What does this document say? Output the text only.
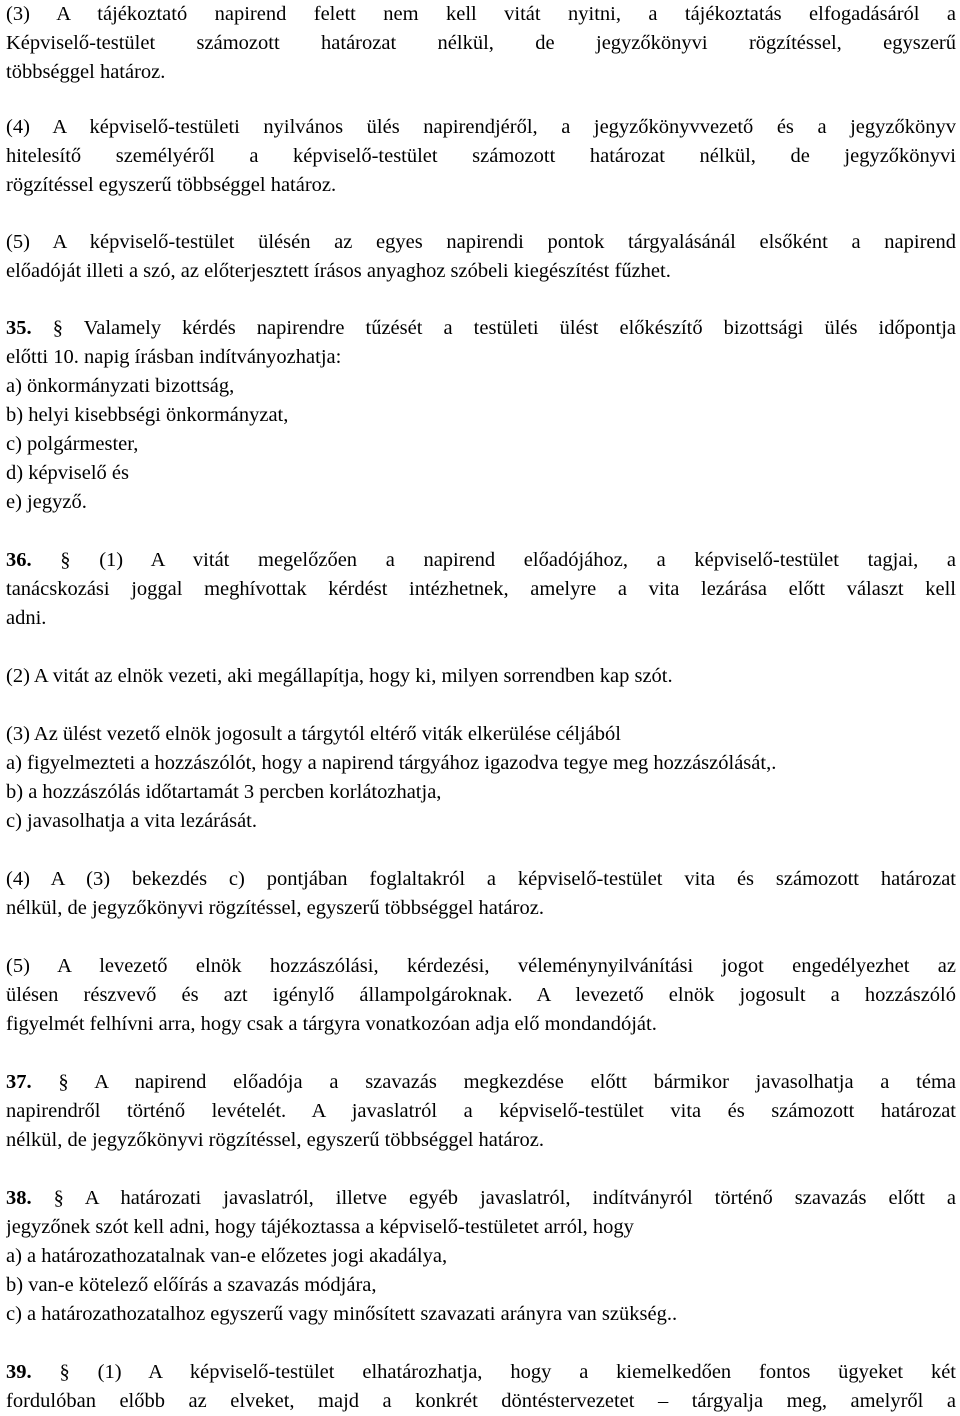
(3) A tájékoztató napirend felett nem kell vitát nyitni, a tájékoztatás elfogadásáról a
Képviselő-testület számozott határozat nélkül, de jegyzőkönyvi rögzítéssel, egyszerű
többséggel határoz.
(4) A képviselő-testületi nyilvános ülés napirendjéről, a jegyzőkönyvvezető és a jegyzőkönyv
hitelesítő személyéről a képviselő-testület számozott határozat nélkül, de jegyzőkönyvi
rögzítéssel egyszerű többséggel határoz.
(5) A képviselő-testület ülésén az egyes napirendi pontok tárgyalásánál elsőként a napirend
előadóját illeti a szó, az előterjesztett írásos anyaghoz szóbeli kiegészítést fűzhet.
35. § Valamely kérdés napirendre tűzését a testületi ülést előkészítő bizottsági ülés időpontja
előtti 10. napig írásban indítványozhatja:
a) önkormányzati bizottság,
b) helyi kisebbségi önkormányzat,
c) polgármester,
d) képviselő és
e) jegyző.
36. § (1) A vitát megelőzően a napirend előadójához, a képviselő-testület tagjai, a
tanácskozási joggal meghívottak kérdést intézhetnek, amelyre a vita lezárása előtt választ kell
adni.
(2) A vitát az elnök vezeti, aki megállapítja, hogy ki, milyen sorrendben kap szót.
(3) Az ülést vezető elnök jogosult a tárgytól eltérő viták elkerülése céljából
a) figyelmezteti a hozzászólót, hogy a napirend tárgyához igazodva tegye meg hozzászólását,.
b) a hozzászólás időtartamát 3 percben korlátozhatja,
c) javasolhatja a vita lezárását.
(4) A (3) bekezdés c) pontjában foglaltakról a képviselő-testület vita és számozott határozat
nélkül, de jegyzőkönyvi rögzítéssel, egyszerű többséggel határoz.
(5) A levezető elnök hozzászólási, kérdezési, véleménynyilvánítási jogot engedélyezhet az
ülésen részvevő és azt igénylő állampolgároknak. A levezető elnök jogosult a hozzászóló
figyelmét felhívni arra, hogy csak a tárgyra vonatkozóan adja elő mondandóját.
37. § A napirend előadója a szavazás megkezdése előtt bármikor javasolhatja a téma
napirendről történő levételét. A javaslatról a képviselő-testület vita és számozott határozat
nélkül, de jegyzőkönyvi rögzítéssel, egyszerű többséggel határoz.
38. § A határozati javaslatról, illetve egyéb javaslatról, indítványról történő szavazás előtt a
jegyzőnek szót kell adni, hogy tájékoztassa a képviselő-testületet arról, hogy
a) a határozathozatalnak van-e előzetes jogi akadálya,
b) van-e kötelező előírás a szavazás módjára,
c) a határozathozatalhoz egyszerű vagy minősített szavazati arányra van szükség..
39. § (1) A képviselő-testület elhatározhatja, hogy a kiemelkedően fontos ügyeket két
fordulóban előbb az elveket, majd a konkrét döntéstervezetet – tárgyalja meg, amelyről a
